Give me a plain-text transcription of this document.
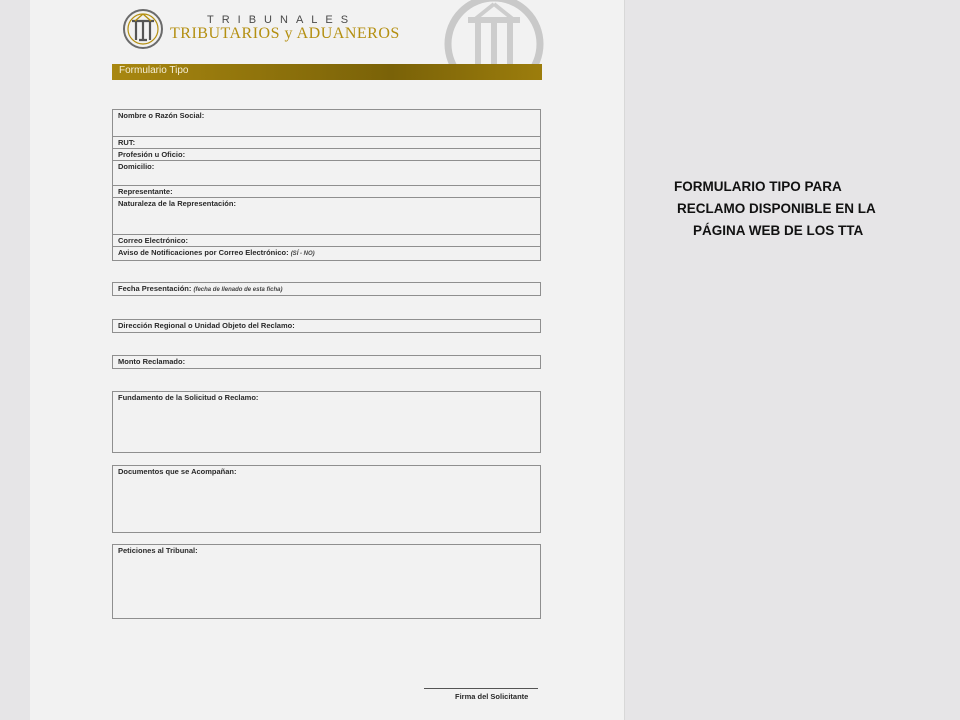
TRIBUNALES
TRIBUTARIOS y ADUANEROS
Formulario Tipo
Nombre o Razón Social:
RUT:
Profesión u Oficio:
Domicilio:
Representante:
Naturaleza de la Representación:
Correo Electrónico:
Aviso de Notificaciones por Correo Electrónico: (SÍ - NO)
Fecha Presentación: (fecha de llenado de esta ficha)
Dirección Regional o Unidad Objeto del Reclamo:
Monto Reclamado:
Fundamento de la Solicitud o Reclamo:
Documentos que se Acompañan:
Peticiones al Tribunal:
Firma del Solicitante
FORMULARIO TIPO PARA
RECLAMO DISPONIBLE EN LA
PÁGINA WEB DE LOS TTA
